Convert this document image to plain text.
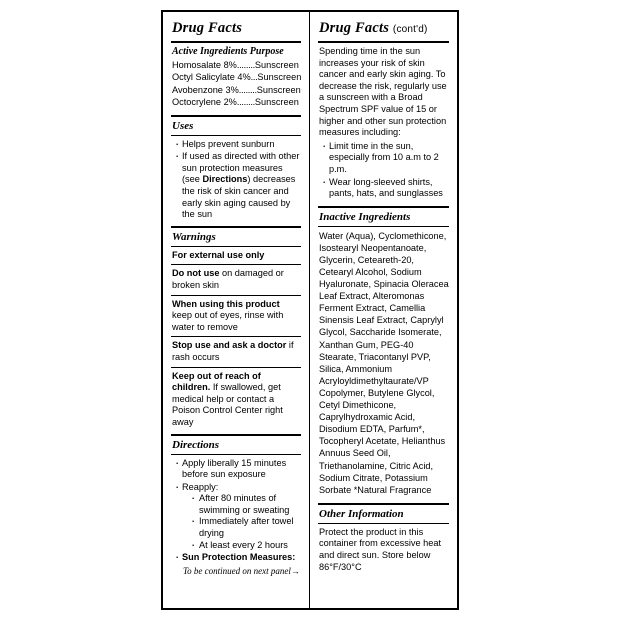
Drug Facts
Active Ingredients Purpose
Homosalate 8%........Sunscreen
Octyl Salicylate 4%...Sunscreen
Avobenzone 3%........Sunscreen
Octocrylene 2%........Sunscreen
Uses
· Helps prevent sunburn
· If used as directed with other sun protection measures (see Directions) decreases the risk of skin cancer and early skin aging caused by the sun
Warnings
For external use only
Do not use on damaged or broken skin
When using this product keep out of eyes, rinse with water to remove
Stop use and ask a doctor if rash occurs
Keep out of reach of children. If swallowed, get medical help or contact a Poison Control Center right away
Directions
· Apply liberally 15 minutes before sun exposure
· Reapply:
· After 80 minutes of swimming or sweating
· Immediately after towel drying
· At least every 2 hours
· Sun Protection Measures:
To be continued on next panel→
Drug Facts (cont'd)
Spending time in the sun increases your risk of skin cancer and early skin aging. To decrease the risk, regularly use a sunscreen with a Broad Spectrum SPF value of 15 or higher and other sun protection measures including:
· Limit time in the sun, especially from 10 a.m to 2 p.m.
· Wear long-sleeved shirts, pants, hats, and sunglasses
Inactive Ingredients
Water (Aqua), Cyclomethicone, Isostearyl Neopentanoate, Glycerin, Ceteareth-20, Cetearyl Alcohol, Sodium Hyaluronate, Spinacia Oleracea Leaf Extract, Alteromonas Ferment Extract, Camellia Sinensis Leaf Extract, Caprylyl Glycol, Saccharide Isomerate, Xanthan Gum, PEG-40 Stearate, Triacontanyl PVP, Silica, Ammonium Acryloyldimethyltaurate/VP Copolymer, Butylene Glycol, Cetyl Dimethicone, Caprylhydroxamic Acid, Disodium EDTA, Parfum*, Tocopheryl Acetate, Helianthus Annuus Seed Oil, Triethanolamine, Citric Acid, Sodium Citrate, Potassium Sorbate *Natural Fragrance
Other Information
Protect the product in this container from excessive heat and direct sun. Store below 86°F/30°C
